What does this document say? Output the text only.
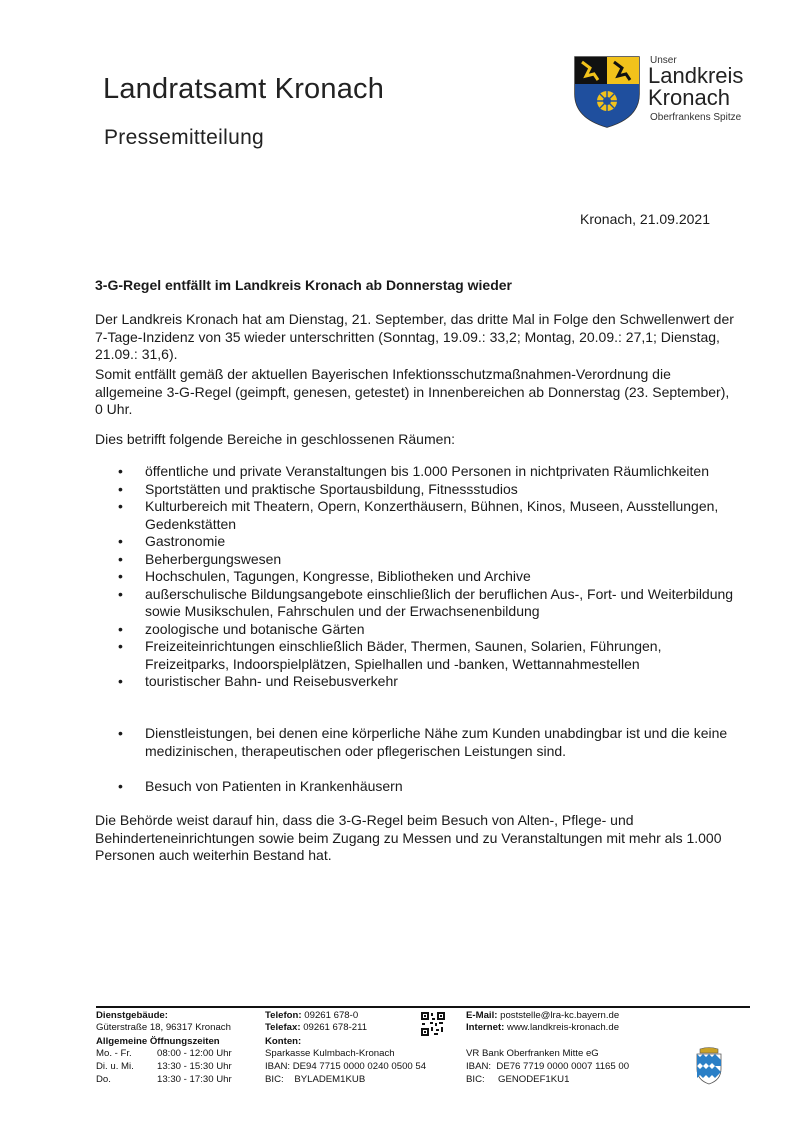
Landratsamt Kronach
Pressemitteilung
Unser
Landkreis
Kronach
Oberfrankens Spitze
Kronach, 21.09.2021
3-G-Regel entfällt im Landkreis Kronach ab Donnerstag wieder
Der Landkreis Kronach hat am Dienstag, 21. September, das dritte Mal in Folge den Schwellenwert der 7-Tage-Inzidenz von 35 wieder unterschritten (Sonntag, 19.09.: 33,2; Montag, 20.09.: 27,1; Dienstag, 21.09.: 31,6).
Somit entfällt gemäß der aktuellen Bayerischen Infektionsschutzmaßnahmen-Verordnung die allgemeine 3-G-Regel (geimpft, genesen, getestet) in Innenbereichen ab Donnerstag (23. September), 0 Uhr.
Dies betrifft folgende Bereiche in geschlossenen Räumen:
• öffentliche und private Veranstaltungen bis 1.000 Personen in nichtprivaten Räumlichkeiten
• Sportstätten und praktische Sportausbildung, Fitnessstudios
• Kulturbereich mit Theatern, Opern, Konzerthäusern, Bühnen, Kinos, Museen, Ausstellungen, Gedenkstätten
• Gastronomie
• Beherbergungswesen
• Hochschulen, Tagungen, Kongresse, Bibliotheken und Archive
• außerschulische Bildungsangebote einschließlich der beruflichen Aus-, Fort- und Weiterbildung sowie Musikschulen, Fahrschulen und der Erwachsenenbildung
• zoologische und botanische Gärten
• Freizeiteinrichtungen einschließlich Bäder, Thermen, Saunen, Solarien, Führungen, Freizeitparks, Indoorspielplätzen, Spielhallen und -banken, Wettannahmestellen
• touristischer Bahn- und Reisebusverkehr
• Dienstleistungen, bei denen eine körperliche Nähe zum Kunden unabdingbar ist und die keine medizinischen, therapeutischen oder pflegerischen Leistungen sind.
• Besuch von Patienten in Krankenhäusern
Die Behörde weist darauf hin, dass die 3-G-Regel beim Besuch von Alten-, Pflege- und Behinderteneinrichtungen sowie beim Zugang zu Messen und zu Veranstaltungen mit mehr als 1.000 Personen auch weiterhin Bestand hat.
Dienstgebäude:
Güterstraße 18, 96317 Kronach
Allgemeine Öffnungszeiten
Mo. - Fr.	08:00 - 12:00 Uhr
Di. u. Mi. 13:30 - 15:30 Uhr
Do.	13:30 - 17:30 Uhr
Telefon: 09261 678-0
Telefax: 09261 678-211
Konten:
Sparkasse Kulmbach-Kronach
IBAN: DE94 7715 0000 0240 0500 54
BIC:    BYLADEM1KUB
E-Mail: poststelle@lra-kc.bayern.de
Internet: www.landkreis-kronach.de
VR Bank Oberfranken Mitte eG
IBAN:  DE76 7719 0000 0007 1165 00
BIC:     GENODEF1KU1
